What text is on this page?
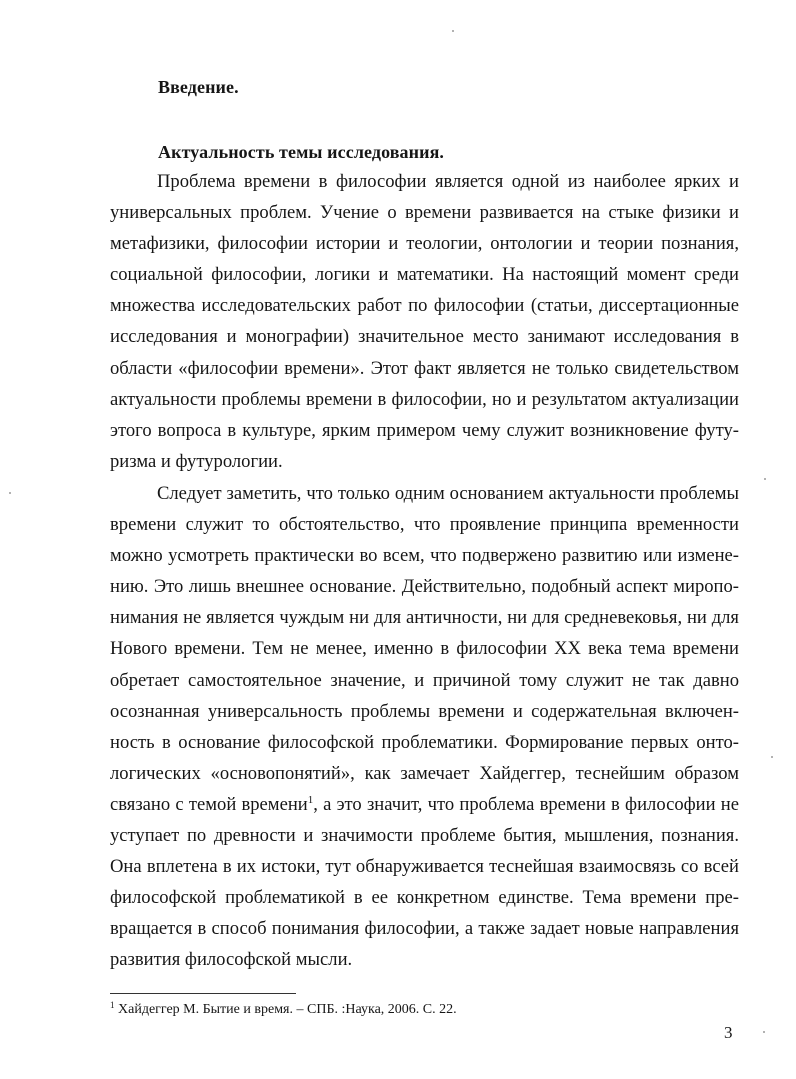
Введение.
Актуальность темы исследования.

Проблема времени в философии является одной из наиболее ярких и универсальных проблем. Учение о времени развивается на стыке физики и метафизики, философии истории и теологии, онтологии и теории познания, социальной философии, логики и математики. На настоящий момент среди множества исследовательских работ по философии (статьи, диссертационные исследования и монографии) значительное место занимают исследования в области «философии времени». Этот факт является не только свидетельством актуальности проблемы времени в философии, но и результатом актуализации этого вопроса в культуре, ярким примером чему служит возникновение футуризма и футурологии.

Следует заметить, что только одним основанием актуальности проблемы времени служит то обстоятельство, что проявление принципа временности можно усмотреть практически во всем, что подвержено развитию или изменению. Это лишь внешнее основание. Действительно, подобный аспект миропонимания не является чуждым ни для античности, ни для средневековья, ни для Нового времени. Тем не менее, именно в философии XX века тема времени обретает самостоятельное значение, и причиной тому служит не так давно осознанная универсальность проблемы времени и содержательная включенность в основание философской проблематики. Формирование первых онтологических «основопонятий», как замечает Хайдеггер, теснейшим образом связано с темой времени$^1$, а это значит, что проблема времени в философии не уступает по древности и значимости проблеме бытия, мышления, познания. Она вплетена в их истоки, тут обнаруживается теснейшая взаимосвязь со всей философской проблематикой в ее конкретном единстве. Тема времени превращается в способ понимания философии, а также задает новые направления развития философской мысли.

$^1$ Хайдеггер М. Бытие и время. – СПБ. :Наука, 2006. С. 22.

3
